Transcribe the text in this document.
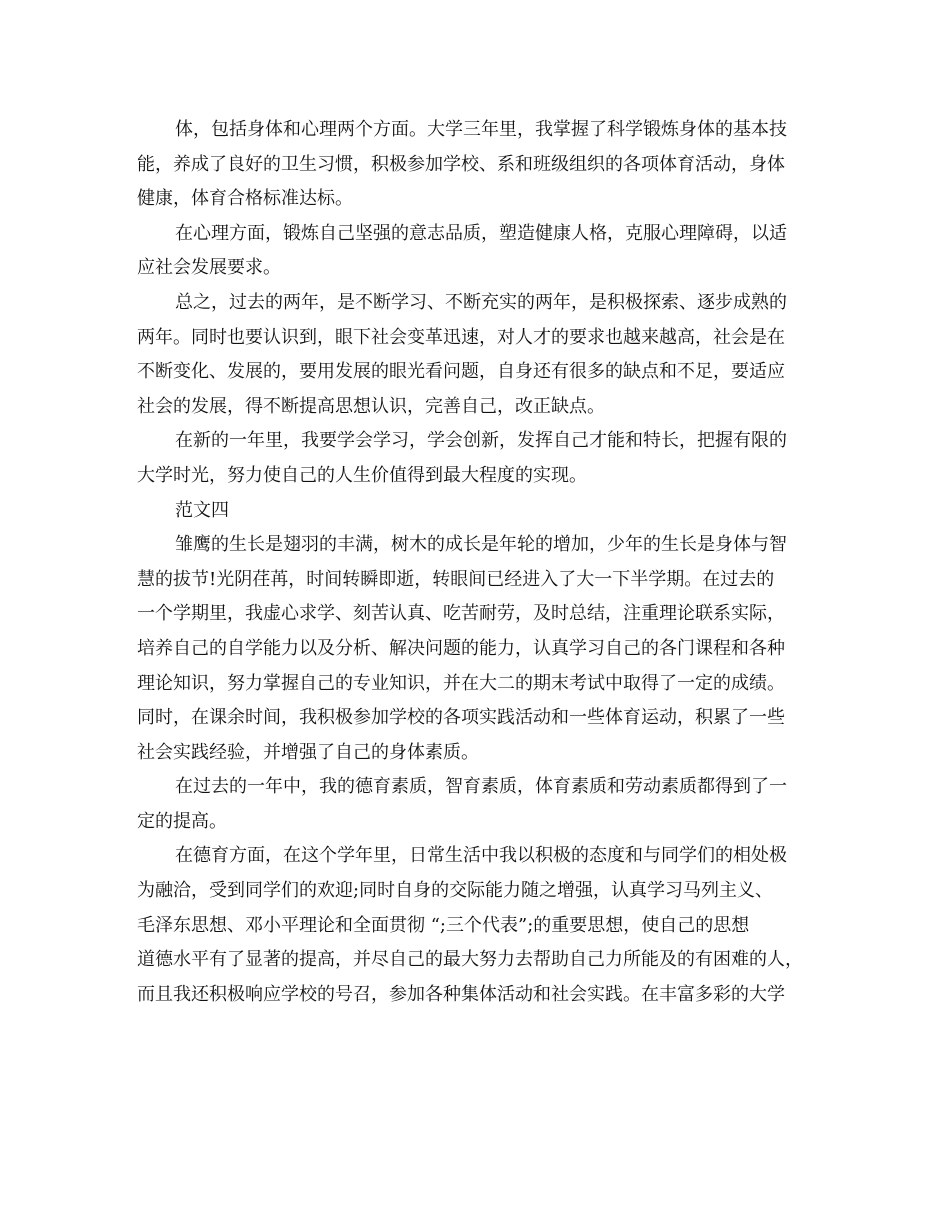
体，包括身体和心理两个方面。大学三年里，我掌握了科学锻炼身体的基本技
能，养成了良好的卫生习惯，积极参加学校、系和班级组织的各项体育活动，身体
健康，体育合格标准达标。
在心理方面，锻炼自己坚强的意志品质，塑造健康人格，克服心理障碍，以适
应社会发展要求。
总之，过去的两年，是不断学习、不断充实的两年，是积极探索、逐步成熟的
两年。同时也要认识到，眼下社会变革迅速，对人才的要求也越来越高，社会是在
不断变化、发展的，要用发展的眼光看问题，自身还有很多的缺点和不足，要适应
社会的发展，得不断提高思想认识，完善自己，改正缺点。
在新的一年里，我要学会学习，学会创新，发挥自己才能和特长，把握有限的
大学时光，努力使自己的人生价值得到最大程度的实现。
范文四
雏鹰的生长是翅羽的丰满，树木的成长是年轮的增加，少年的生长是身体与智
慧的拔节!光阴荏苒，时间转瞬即逝，转眼间已经进入了大一下半学期。在过去的
一个学期里，我虚心求学、刻苦认真、吃苦耐劳，及时总结，注重理论联系实际，
培养自己的自学能力以及分析、解决问题的能力，认真学习自己的各门课程和各种
理论知识，努力掌握自己的专业知识，并在大二的期末考试中取得了一定的成绩。
同时，在课余时间，我积极参加学校的各项实践活动和一些体育运动，积累了一些
社会实践经验，并增强了自己的身体素质。
在过去的一年中，我的德育素质，智育素质，体育素质和劳动素质都得到了一
定的提高。
在德育方面，在这个学年里，日常生活中我以积极的态度和与同学们的相处极
为融洽，受到同学们的欢迎;同时自身的交际能力随之增强，认真学习马列主义、
毛泽东思想、邓小平理论和全面贯彻 “;三个代表”;的重要思想，使自己的思想
道德水平有了显著的提高，并尽自己的最大努力去帮助自己力所能及的有困难的人，
而且我还积极响应学校的号召，参加各种集体活动和社会实践。在丰富多彩的大学
